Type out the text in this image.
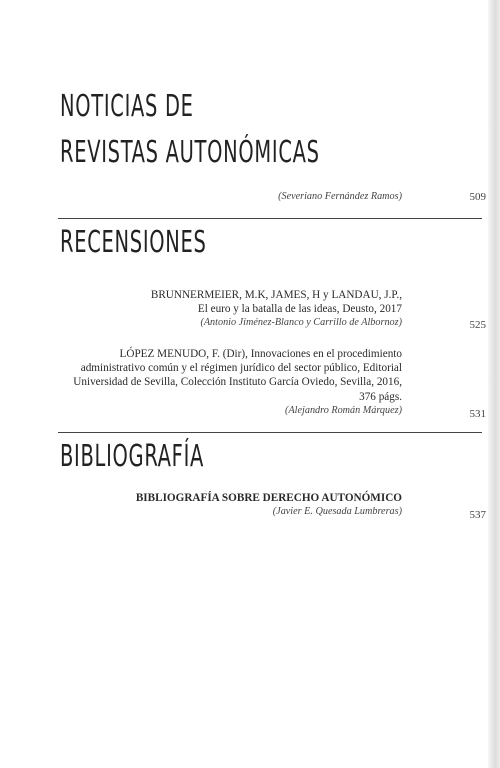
NOTICIAS DE
REVISTAS AUTONÓMICAS
(Severiano Fernández Ramos)	509
RECENSIONES
BRUNNERMEIER, M.K, JAMES, H y LANDAU, J.P.,
El euro y la batalla de las ideas, Deusto, 2017
(Antonio Jiménez-Blanco y Carrillo de Albornoz)	525
LÓPEZ MENUDO, F. (Dir), Innovaciones en el procedimiento
administrativo común y el régimen jurídico del sector público, Editorial
Universidad de Sevilla, Colección Instituto García Oviedo, Sevilla, 2016,
376 págs.
(Alejandro Román Márquez)	531
BIBLIOGRAFÍA
BIBLIOGRAFÍA SOBRE DERECHO AUTONÓMICO
(Javier E. Quesada Lumbreras)	537
